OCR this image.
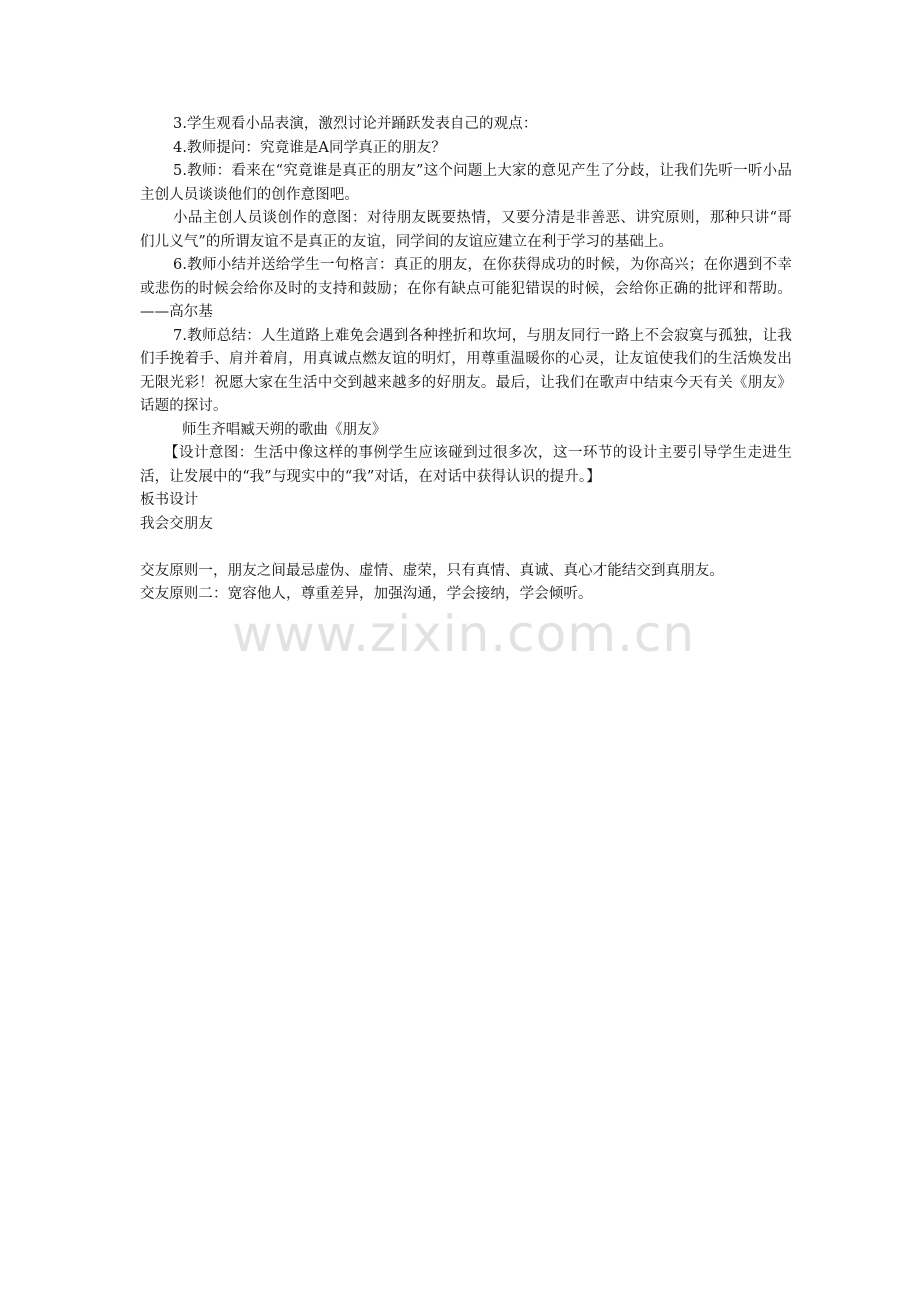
3.学生观看小品表演，激烈讨论并踊跃发表自己的观点：

4.教师提问：究竟谁是A同学真正的朋友？

5.教师：看来在“究竟谁是真正的朋友”这个问题上大家的意见产生了分歧，让我们先听一听小品主创人员谈谈他们的创作意图吧。

小品主创人员谈创作的意图：对待朋友既要热情，又要分清是非善恶、讲究原则，那种只讲“哥们儿义气”的所谓友谊不是真正的友谊，同学间的友谊应建立在利于学习的基础上。

6.教师小结并送给学生一句格言：真正的朋友，在你获得成功的时候，为你高兴；在你遇到不幸或悲伤的时候会给你及时的支持和鼓励；在你有缺点可能犯错误的时候，会给你正确的批评和帮助。——高尔基

7.教师总结：人生道路上难免会遇到各种挫折和坎坷，与朋友同行一路上不会寂寞与孤独，让我们手挽着手、肩并着肩，用真诚点燃友谊的明灯，用尊重温暖你的心灵，让友谊使我们的生活焕发出无限光彩！祝愿大家在生活中交到越来越多的好朋友。最后，让我们在歌声中结束今天有关《朋友》话题的探讨。

师生齐唱臧天朔的歌曲《朋友》

【设计意图：生活中像这样的事例学生应该碰到过很多次，这一环节的设计主要引导学生走进生活，让发展中的“我”与现实中的“我”对话，在对话中获得认识的提升。】

板书设计

我会交朋友

交友原则一，朋友之间最忌虚伪、虚情、虚荣，只有真情、真诚、真心才能结交到真朋友。

交友原则二：宽容他人，尊重差异，加强沟通，学会接纳，学会倾听。

www.zixin.com.cn
